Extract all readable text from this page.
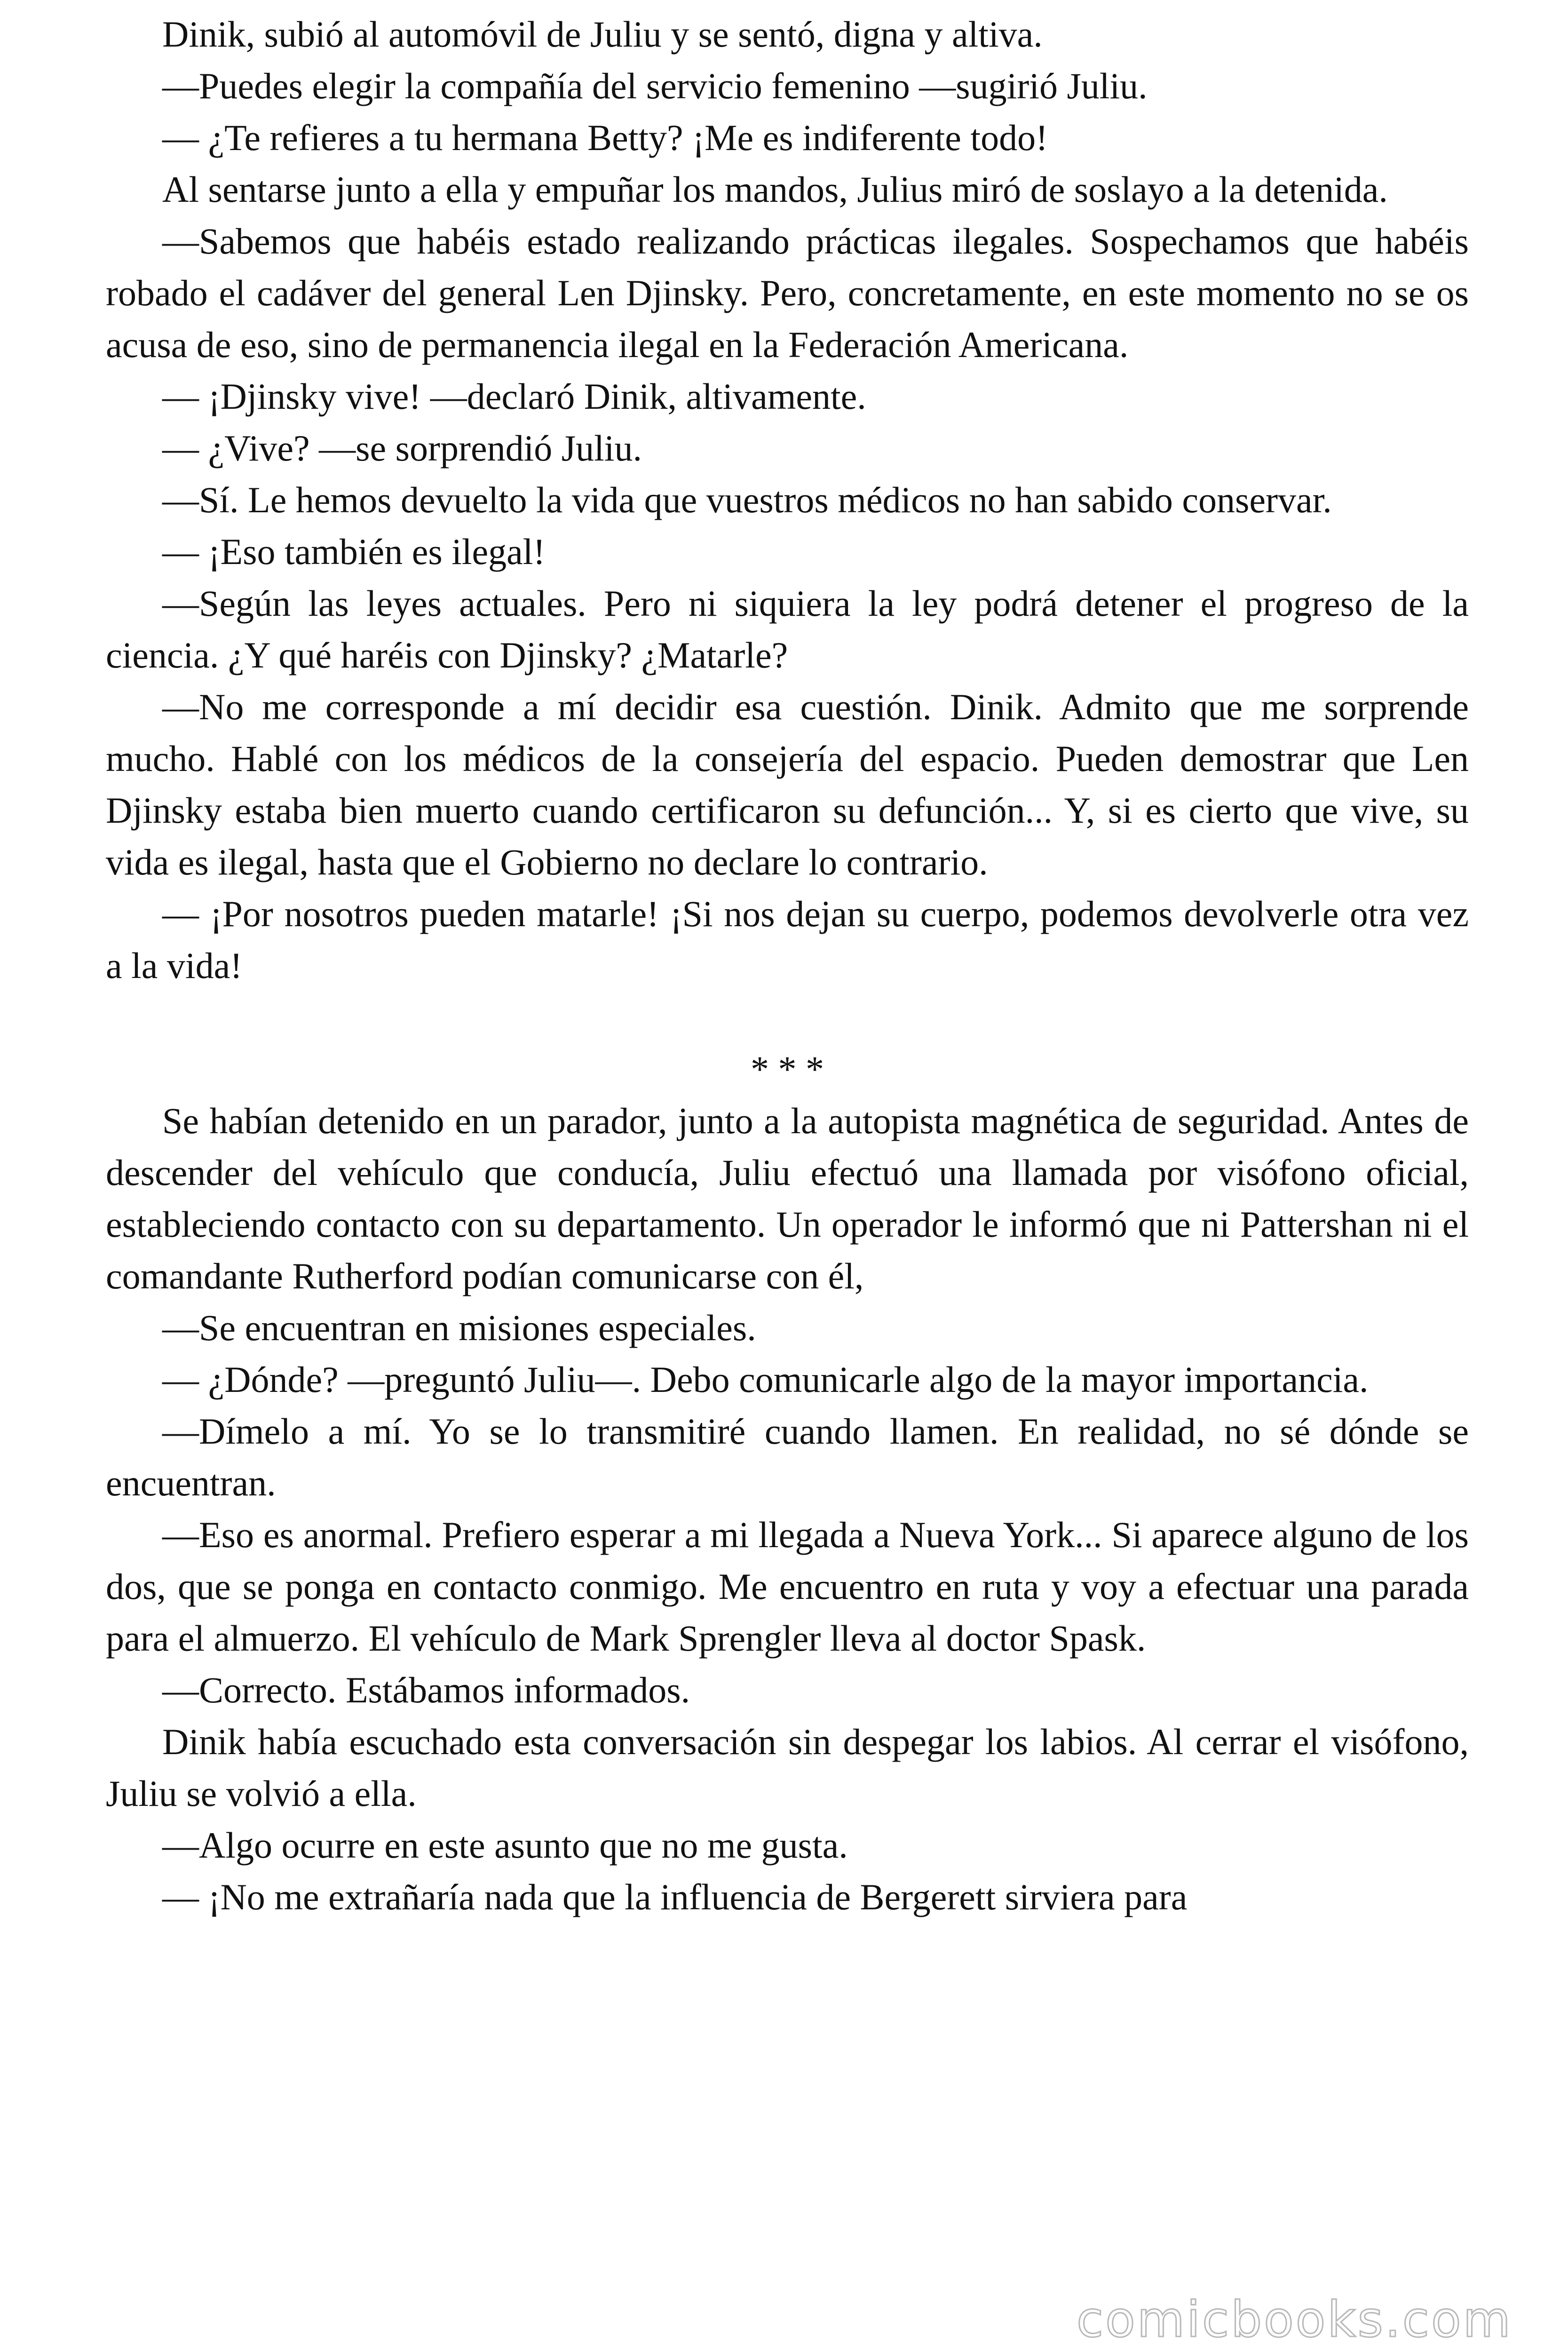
Dinik, subió al automóvil de Juliu y se sentó, digna y altiva.

—Puedes elegir la compañía del servicio femenino —sugirió Juliu.

— ¿Te refieres a tu hermana Betty? ¡Me es indiferente todo!

Al sentarse junto a ella y empuñar los mandos, Julius miró de soslayo a la detenida.

—Sabemos que habéis estado realizando prácticas ilegales. Sospechamos que habéis robado el cadáver del general Len Djinsky. Pero, concretamente, en este momento no se os acusa de eso, sino de permanencia ilegal en la Federación Americana.

— ¡Djinsky vive! —declaró Dinik, altivamente.

— ¿Vive? —se sorprendió Juliu.

—Sí. Le hemos devuelto la vida que vuestros médicos no han sabido conservar.

— ¡Eso también es ilegal!

—Según las leyes actuales. Pero ni siquiera la ley podrá detener el progreso de la ciencia. ¿Y qué haréis con Djinsky? ¿Matarle?

—No me corresponde a mí decidir esa cuestión. Dinik. Admito que me sorprende mucho. Hablé con los médicos de la consejería del espacio. Pueden demostrar que Len Djinsky estaba bien muerto cuando certificaron su defunción... Y, si es cierto que vive, su vida es ilegal, hasta que el Gobierno no declare lo contrario.

— ¡Por nosotros pueden matarle! ¡Si nos dejan su cuerpo, podemos devolverle otra vez a la vida!

* * *

Se habían detenido en un parador, junto a la autopista magnética de seguridad. Antes de descender del vehículo que conducía, Juliu efectuó una llamada por visófono oficial, estableciendo contacto con su departamento. Un operador le informó que ni Pattershan ni el comandante Rutherford podían comunicarse con él,

—Se encuentran en misiones especiales.

— ¿Dónde? —preguntó Juliu—. Debo comunicarle algo de la mayor importancia.

—Dímelo a mí. Yo se lo transmitiré cuando llamen. En realidad, no sé dónde se encuentran.

—Eso es anormal. Prefiero esperar a mi llegada a Nueva York... Si aparece alguno de los dos, que se ponga en contacto conmigo. Me encuentro en ruta y voy a efectuar una parada para el almuerzo. El vehículo de Mark Sprengler lleva al doctor Spask.

—Correcto. Estábamos informados.

Dinik había escuchado esta conversación sin despegar los labios. Al cerrar el visófono, Juliu se volvió a ella.

—Algo ocurre en este asunto que no me gusta.

— ¡No me extrañaría nada que la influencia de Bergerett sirviera para

comicbooks.com
